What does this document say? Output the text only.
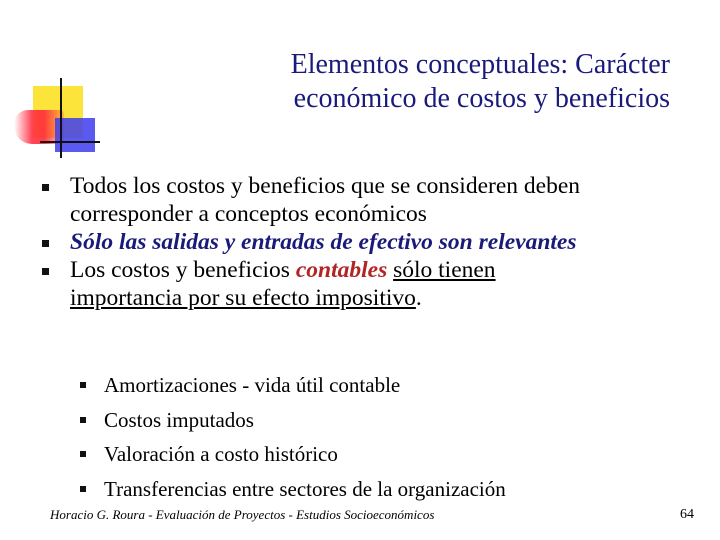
Elementos conceptuales: Carácter
económico de costos y beneficios
Todos los costos y beneficios que se consideren deben
corresponder a conceptos económicos
Sólo las salidas y entradas de efectivo son relevantes
Los costos y beneficios contables sólo tienen
importancia por su efecto impositivo.
Amortizaciones - vida útil contable
Costos imputados
Valoración a costo histórico
Transferencias entre sectores de la organización
Horacio G. Roura - Evaluación de Proyectos - Estudios Socioeconómicos	64
